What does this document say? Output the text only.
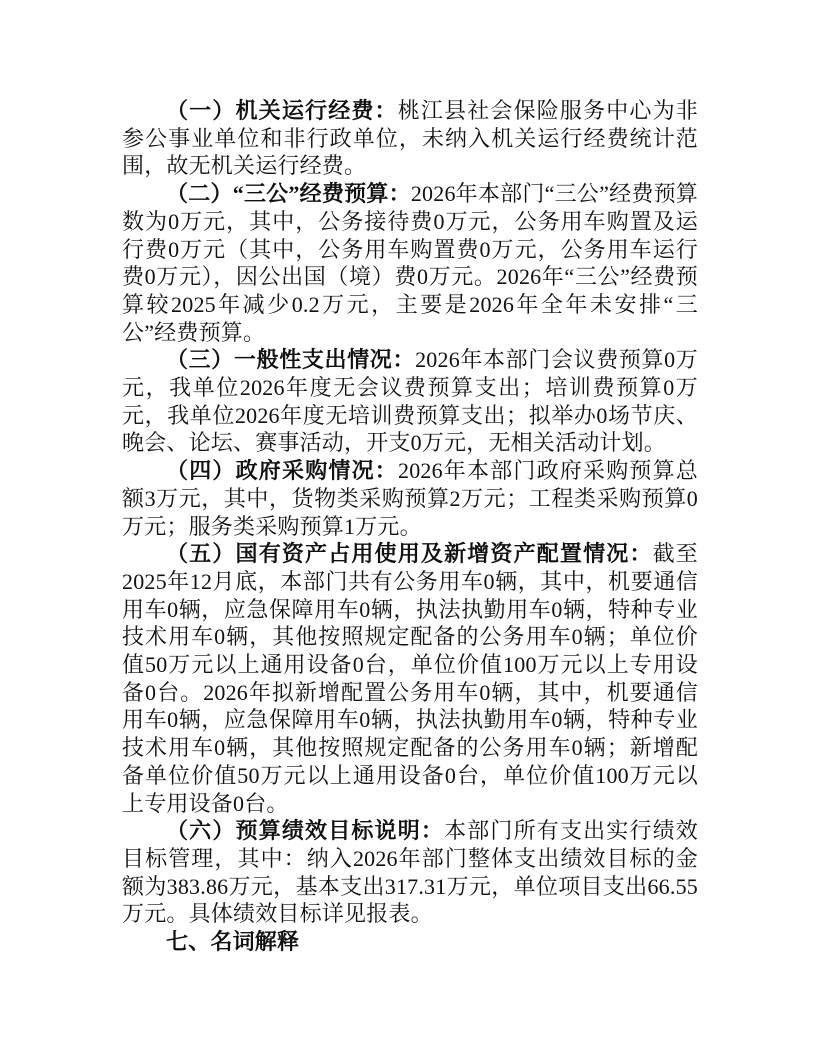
（一）机关运行经费：桃江县社会保险服务中心为非参公事业单位和非行政单位，未纳入机关运行经费统计范围，故无机关运行经费。

（二）“三公”经费预算：2026年本部门“三公”经费预算数为0万元，其中，公务接待费0万元，公务用车购置及运行费0万元（其中，公务用车购置费0万元，公务用车运行费0万元），因公出国（境）费0万元。2026年“三公”经费预算较2025年减少0.2万元，主要是2026年全年未安排“三公”经费预算。

（三）一般性支出情况：2026年本部门会议费预算0万元，我单位2026年度无会议费预算支出；培训费预算0万元，我单位2026年度无培训费预算支出；拟举办0场节庆、晚会、论坛、赛事活动，开支0万元，无相关活动计划。

（四）政府采购情况：2026年本部门政府采购预算总额3万元，其中，货物类采购预算2万元；工程类采购预算0万元；服务类采购预算1万元。

（五）国有资产占用使用及新增资产配置情况：截至2025年12月底，本部门共有公务用车0辆，其中，机要通信用车0辆，应急保障用车0辆，执法执勤用车0辆，特种专业技术用车0辆，其他按照规定配备的公务用车0辆；单位价值50万元以上通用设备0台，单位价值100万元以上专用设备0台。2026年拟新增配置公务用车0辆，其中，机要通信用车0辆，应急保障用车0辆，执法执勤用车0辆，特种专业技术用车0辆，其他按照规定配备的公务用车0辆；新增配备单位价值50万元以上通用设备0台，单位价值100万元以上专用设备0台。

（六）预算绩效目标说明：本部门所有支出实行绩效目标管理，其中：纳入2026年部门整体支出绩效目标的金额为383.86万元，基本支出317.31万元，单位项目支出66.55万元。具体绩效目标详见报表。

七、名词解释
